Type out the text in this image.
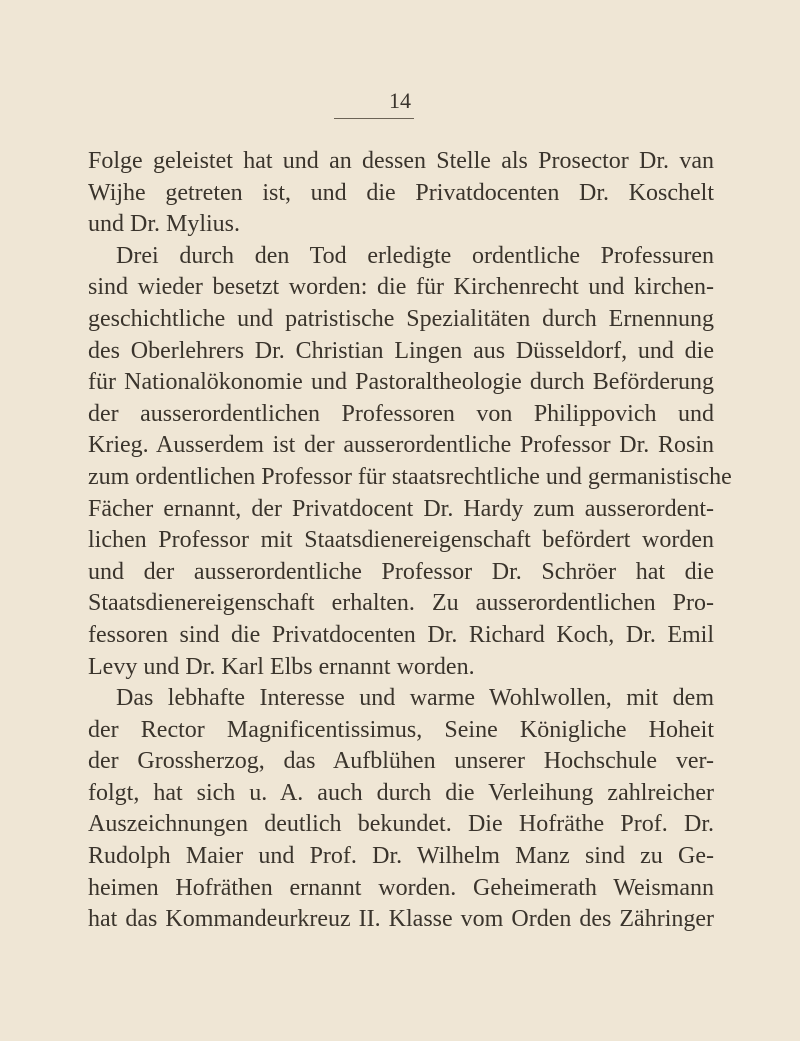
14

Folge geleistet hat und an dessen Stelle als Prosector Dr. van
Wijhe getreten ist, und die Privatdocenten Dr. Koschelt
und Dr. Mylius.

Drei durch den Tod erledigte ordentliche Professuren
sind wieder besetzt worden: die für Kirchenrecht und kirchen-
geschichtliche und patristische Spezialitäten durch Ernennung
des Oberlehrers Dr. Christian Lingen aus Düsseldorf, und die
für Nationalökonomie und Pastoraltheologie durch Beförderung
der ausserordentlichen Professoren von Philippovich und
Krieg. Ausserdem ist der ausserordentliche Professor Dr. Rosin
zum ordentlichen Professor für staatsrechtliche und germanistische
Fächer ernannt, der Privatdocent Dr. Hardy zum ausserordent-
lichen Professor mit Staatsdienereigenschaft befördert worden
und der ausserordentliche Professor Dr. Schröer hat die
Staatsdienereigenschaft erhalten. Zu ausserordentlichen Pro-
fessoren sind die Privatdocenten Dr. Richard Koch, Dr. Emil
Levy und Dr. Karl Elbs ernannt worden.

Das lebhafte Interesse und warme Wohlwollen, mit dem
der Rector Magnificentissimus, Seine Königliche Hoheit
der Grossherzog, das Aufblühen unserer Hochschule ver-
folgt, hat sich u. A. auch durch die Verleihung zahlreicher
Auszeichnungen deutlich bekundet. Die Hofräthe Prof. Dr.
Rudolph Maier und Prof. Dr. Wilhelm Manz sind zu Ge-
heimen Hofräthen ernannt worden. Geheimerath Weismann
hat das Kommandeurkreuz II. Klasse vom Orden des Zähringer
